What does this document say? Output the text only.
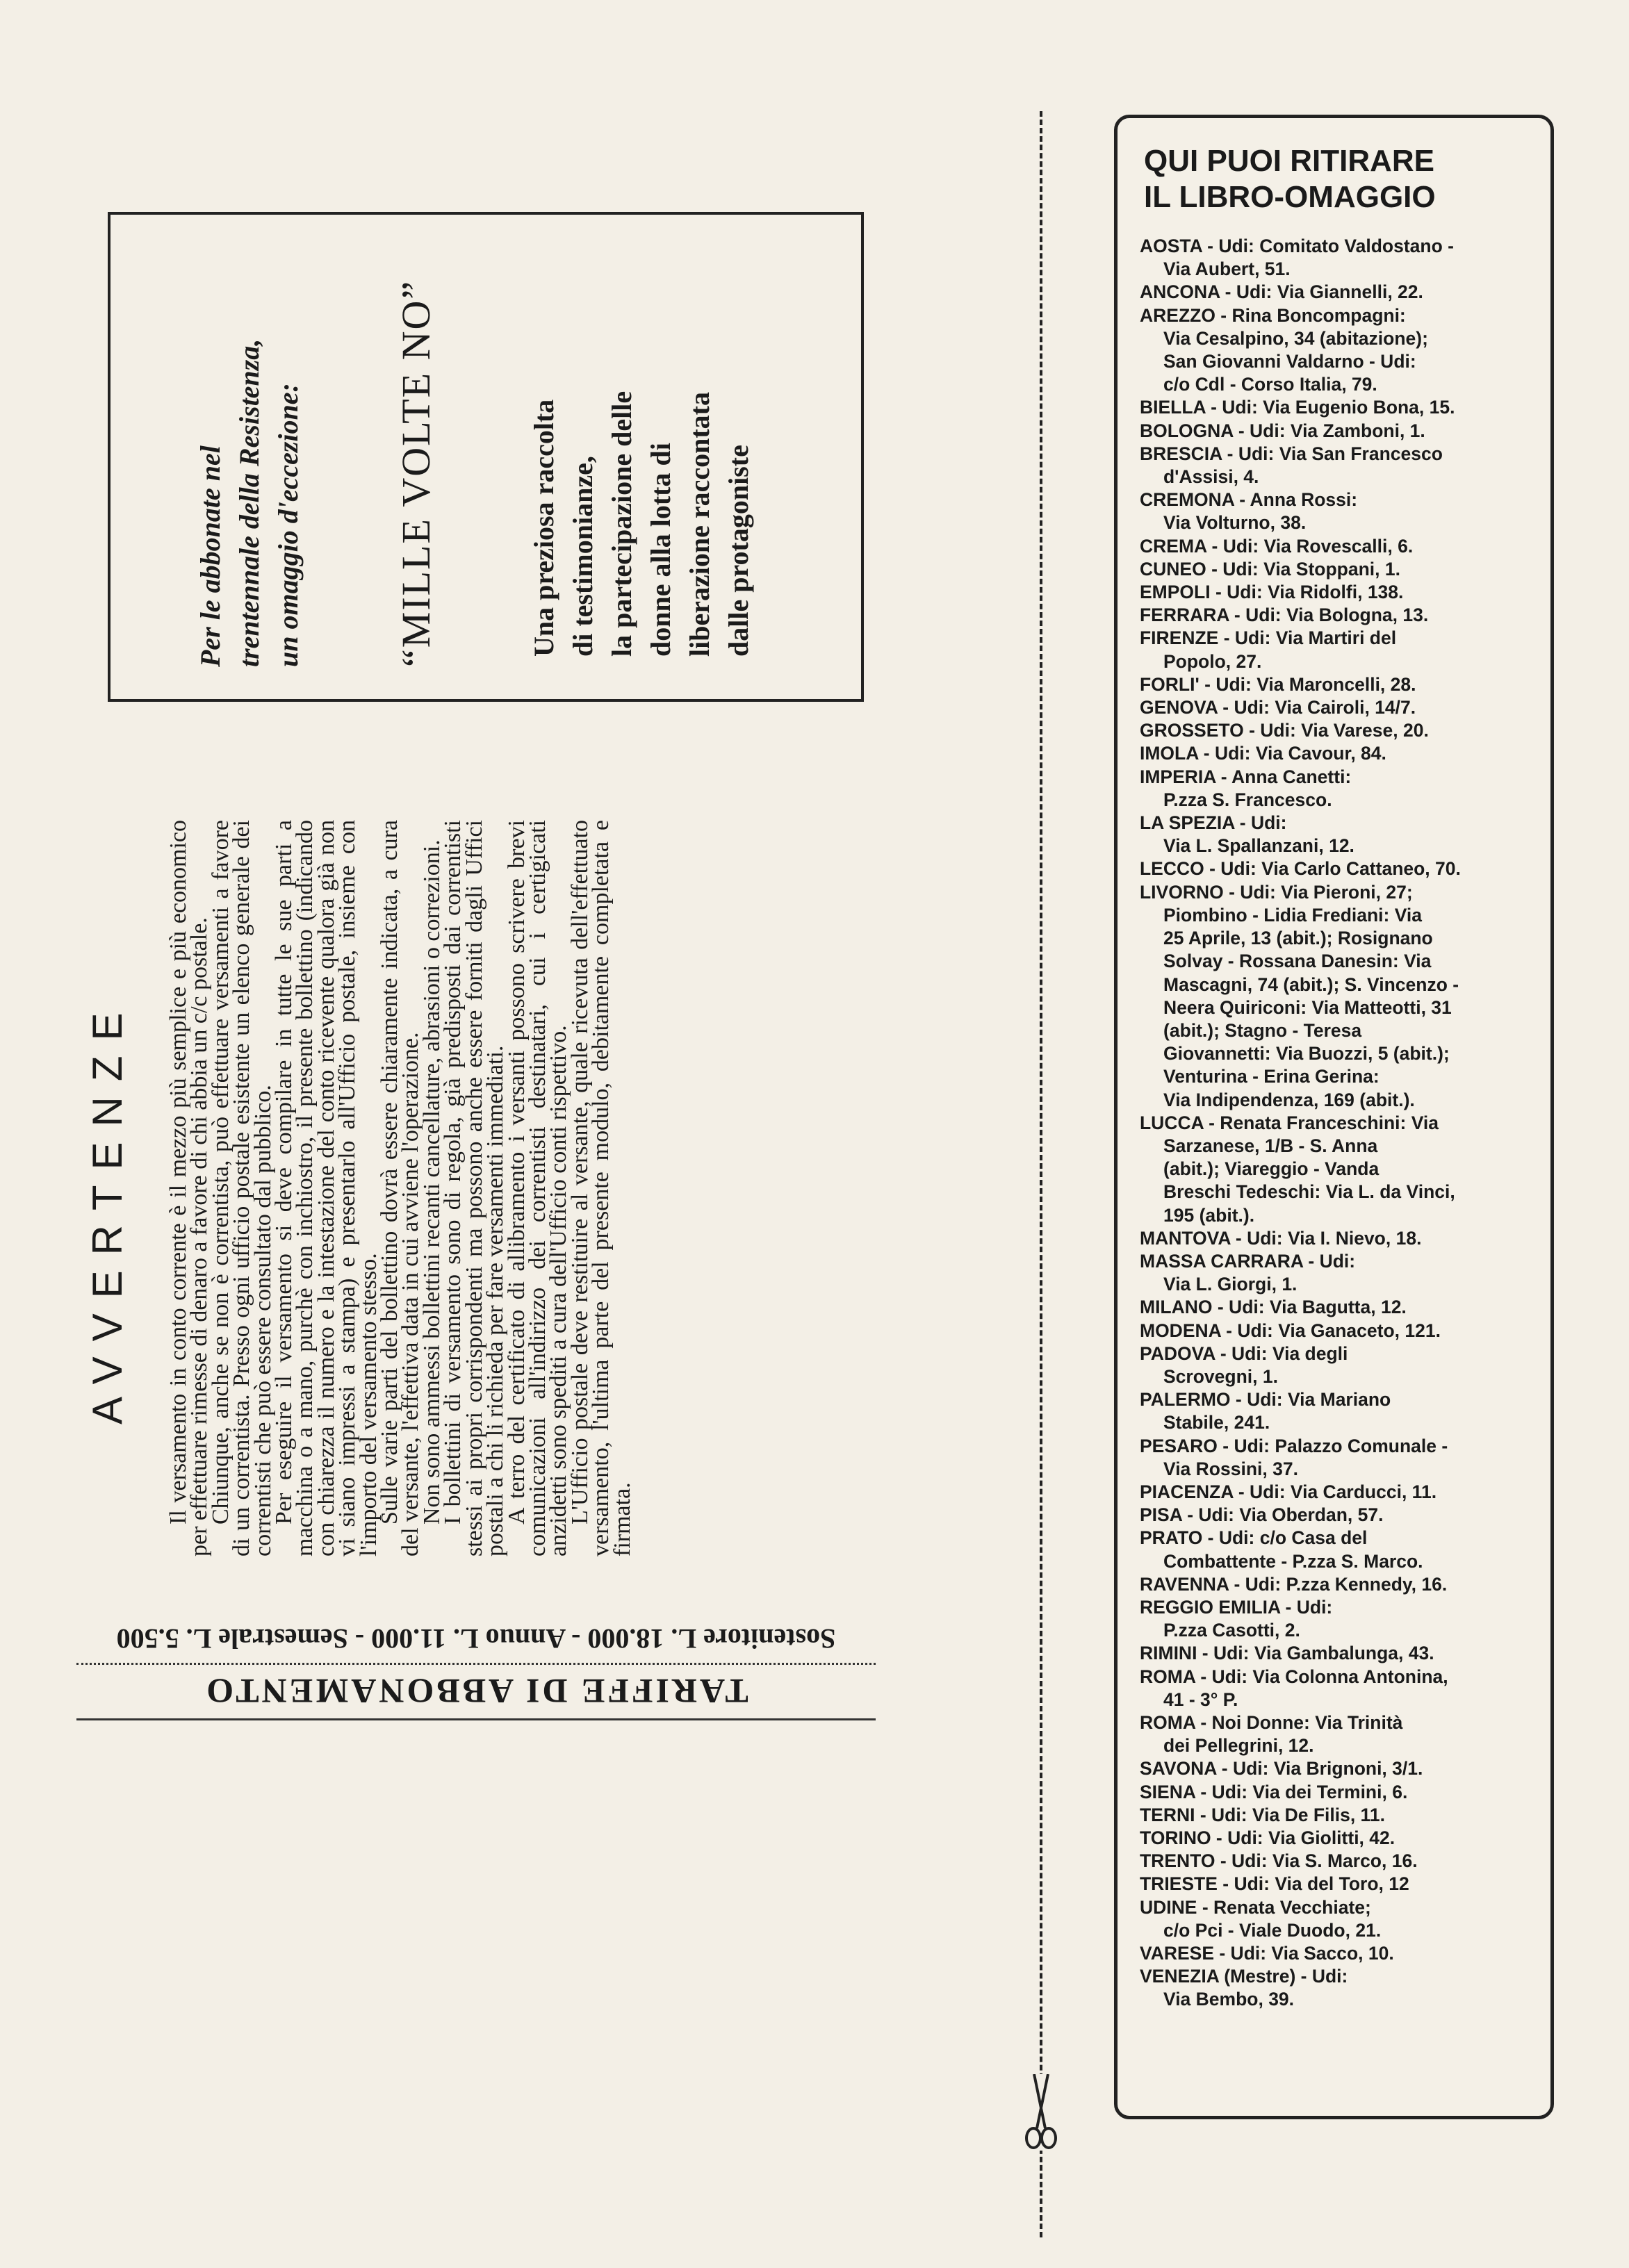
Per le abbonate nel trentennale della Resistenza, un omaggio d'eccezione: “MILLE VOLTE NO”	Una preziosa raccolta di testimonianze, la partecipazione delle donne alla lotta di liberazione raccontata dalle protagoniste
AVVERTENZE Il versamento in conto corrente è il mezzo più semplice e più economico per effettuare rimesse di denaro a favore di chi abbia un c/c postale.

Chiunque, anche se non è correntista, può effettuare versamenti a favore di un correntista. Presso ogni ufficio postale esistente un elenco generale dei correntisti che può essere consultato dal pubblico.

Per eseguire il versamento si deve compilare in tutte le sue parti a macchina o a mano, purchè con inchiostro, il presente bollettino (indicando con chiarezza il numero e la intestazione del conto ricevente qualora già non vi siano impressi a stampa) e presentarlo all'Ufficio postale, insieme con l'importo del versamento stesso.

Sulle varie parti del bollettino dovrà essere chiaramente indicata, a cura del versante, l'effettiva data in cui avviene l'operazione.

Non sono ammessi bollettini recanti cancellature, abrasioni o correzioni.

I bollettini di versamento sono di regola, già predisposti dai correntisti stessi ai propri corrispondenti ma possono anche essere forniti dagli Uffici postali a chi li richieda per fare versamenti immediati.

A terro del certificato di allibramento i versanti possono scrivere brevi comunicazioni all'indirizzo dei correntisti destinatari, cui i certigicati anzidetti sono spediti a cura dell'Ufficio conti rispettivo.

L'Ufficio postale deve restituire al versante, quale ricevuta dell'effettuato versamento, l'ultima parte del presente modulo, debitamente completata e firmata.

TARIFFE DI ABBONAMENTO
Sostenitore L. 18.000 - Annuo L. 11.000 - Semestrale L. 5.500
QUI PUOI RITIRARE
IL LIBRO-OMAGGIO
AOSTA - Udi: Comitato Valdostano -
Via Aubert, 51.
ANCONA - Udi: Via Giannelli, 22.
AREZZO - Rina Boncompagni:
Via Cesalpino, 34 (abitazione);
San Giovanni Valdarno - Udi:
c/o Cdl - Corso Italia, 79.
BIELLA - Udi: Via Eugenio Bona, 15.
BOLOGNA - Udi: Via Zamboni, 1.
BRESCIA - Udi: Via San Francesco
d'Assisi, 4.
CREMONA - Anna Rossi:
Via Volturno, 38.
CREMA - Udi: Via Rovescalli, 6.
CUNEO - Udi: Via Stoppani, 1.
EMPOLI - Udi: Via Ridolfi, 138.
FERRARA - Udi: Via Bologna, 13.
FIRENZE - Udi: Via Martiri del
Popolo, 27.
FORLI' - Udi: Via Maroncelli, 28.
GENOVA - Udi: Via Cairoli, 14/7.
GROSSETO - Udi: Via Varese, 20.
IMOLA - Udi: Via Cavour, 84.
IMPERIA - Anna Canetti:
P.zza S. Francesco.
LA SPEZIA - Udi:
Via L. Spallanzani, 12.
LECCO - Udi: Via Carlo Cattaneo, 70.
LIVORNO - Udi: Via Pieroni, 27;
Piombino - Lidia Frediani: Via
25 Aprile, 13 (abit.); Rosignano
Solvay - Rossana Danesin: Via
Mascagni, 74 (abit.); S. Vincenzo -
Neera Quiriconi: Via Matteotti, 31
(abit.); Stagno - Teresa
Giovannetti: Via Buozzi, 5 (abit.);
Venturina - Erina Gerina:
Via Indipendenza, 169 (abit.).
LUCCA - Renata Franceschini: Via
Sarzanese, 1/B - S. Anna
(abit.); Viareggio - Vanda
Breschi Tedeschi: Via L. da Vinci,
195 (abit.).
MANTOVA - Udi: Via I. Nievo, 18.
MASSA CARRARA - Udi:
Via L. Giorgi, 1.
MILANO - Udi: Via Bagutta, 12.
MODENA - Udi: Via Ganaceto, 121.
PADOVA - Udi: Via degli
Scrovegni, 1.
PALERMO - Udi: Via Mariano
Stabile, 241.
PESARO - Udi: Palazzo Comunale -
Via Rossini, 37.
PIACENZA - Udi: Via Carducci, 11.
PISA - Udi: Via Oberdan, 57.
PRATO - Udi: c/o Casa del
Combattente - P.zza S. Marco.
RAVENNA - Udi: P.zza Kennedy, 16.
REGGIO EMILIA - Udi:
P.zza Casotti, 2.
RIMINI - Udi: Via Gambalunga, 43.
ROMA - Udi: Via Colonna Antonina,
41 - 3° P.
ROMA - Noi Donne: Via Trinità
dei Pellegrini, 12.
SAVONA - Udi: Via Brignoni, 3/1.
SIENA - Udi: Via dei Termini, 6.
TERNI - Udi: Via De Filis, 11.
TORINO - Udi: Via Giolitti, 42.
TRENTO - Udi: Via S. Marco, 16.
TRIESTE - Udi: Via del Toro, 12
UDINE - Renata Vecchiate;
c/o Pci - Viale Duodo, 21.
VARESE - Udi: Via Sacco, 10.
VENEZIA (Mestre) - Udi:
Via Bembo, 39.
